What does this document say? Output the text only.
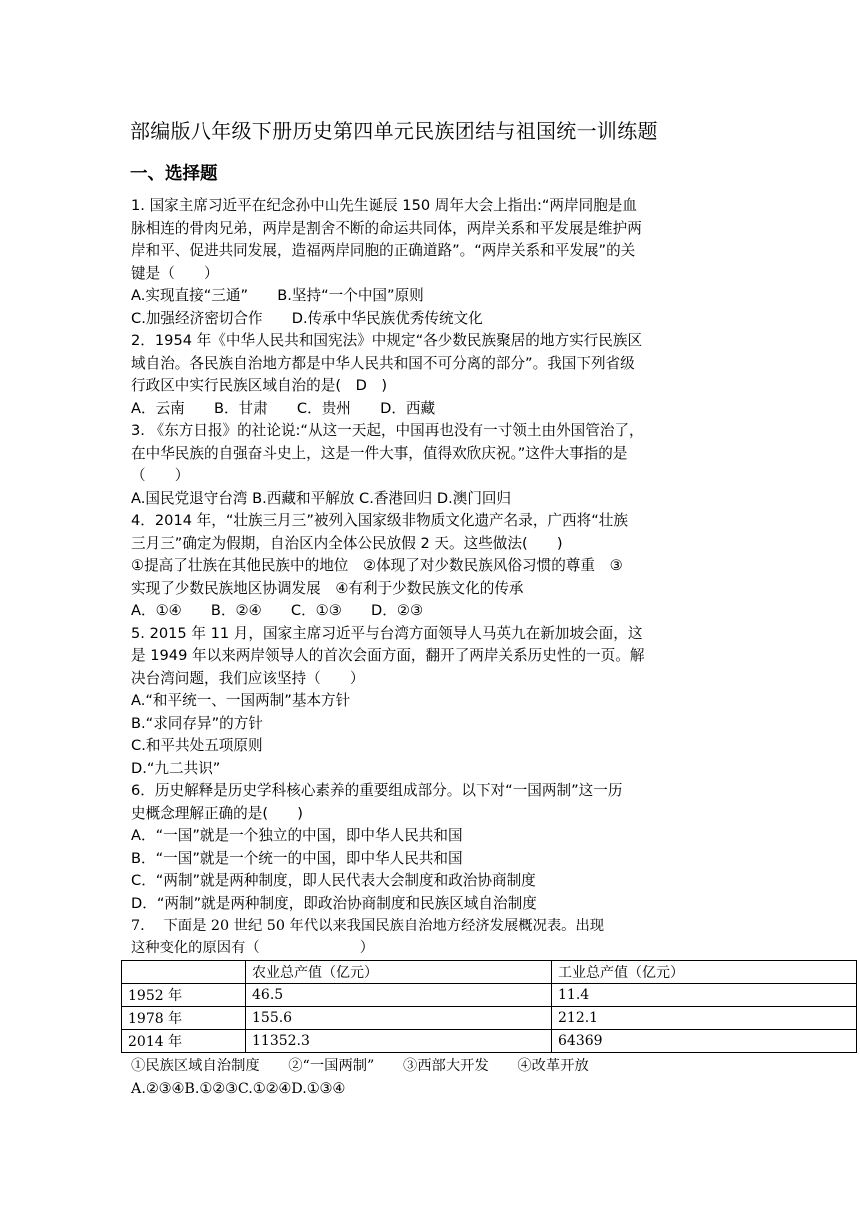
部编版八年级下册历史第四单元民族团结与祖国统一训练题
一、选择题
1. 国家主席习近平在纪念孙中山先生诞辰 150 周年大会上指出:“两岸同胞是血
脉相连的骨肉兄弟，两岸是割舍不断的命运共同体，两岸关系和平发展是维护两
岸和平、促进共同发展，造福两岸同胞的正确道路”。“两岸关系和平发展”的关
键是（　　）
A.实现直接“三通”　　B.坚持“一个中国”原则
C.加强经济密切合作　　D.传承中华民族优秀传统文化
2．1954 年《中华人民共和国宪法》中规定“各少数民族聚居的地方实行民族区
域自治。各民族自治地方都是中华人民共和国不可分离的部分”。我国下列省级
行政区中实行民族区域自治的是(　D　)
A．云南　　B．甘肃　　C．贵州　　D．西藏
3. 《东方日报》的社论说:“从这一天起，中国再也没有一寸领土由外国管治了，
在中华民族的自强奋斗史上，这是一件大事，值得欢欣庆祝。”这件大事指的是
（　　）
A.国民党退守台湾 B.西藏和平解放 C.香港回归 D.澳门回归
4．2014 年，“壮族三月三”被列入国家级非物质文化遗产名录，广西将“壮族
三月三”确定为假期，自治区内全体公民放假 2 天。这些做法(　　)
①提高了壮族在其他民族中的地位　②体现了对少数民族风俗习惯的尊重　③
实现了少数民族地区协调发展　④有利于少数民族文化的传承
A．①④　　B．②④　　C．①③　　D．②③
5. 2015 年 11 月，国家主席习近平与台湾方面领导人马英九在新加坡会面，这
是 1949 年以来两岸领导人的首次会面方面，翻开了两岸关系历史性的一页。解
决台湾问题，我们应该坚持（　　）
A.“和平统一、一国两制”基本方针
B.“求同存异”的方针
C.和平共处五项原则
D.“九二共识”
6．历史解释是历史学科核心素养的重要组成部分。以下对“一国两制”这一历
史概念理解正确的是(　　)
A．“一国”就是一个独立的中国，即中华人民共和国
B．“一国”就是一个统一的中国，即中华人民共和国
C．“两制”就是两种制度，即人民代表大会制度和政治协商制度
D．“两制”就是两种制度，即政治协商制度和民族区域自治制度
7.　 下面是 20 世纪 50 年代以来我国民族自治地方经济发展概况表。出现
这种变化的原因有（　　　　　　　）
	农业总产值（亿元）	工业总产值（亿元）
1952 年	46.5	11.4
1978 年	155.6	212.1
2014 年	11352.3	64369
①民族区域自治制度　　②“一国两制”　　③西部大开发　　④改革开放
A.②③④B.①②③C.①②④D.①③④
